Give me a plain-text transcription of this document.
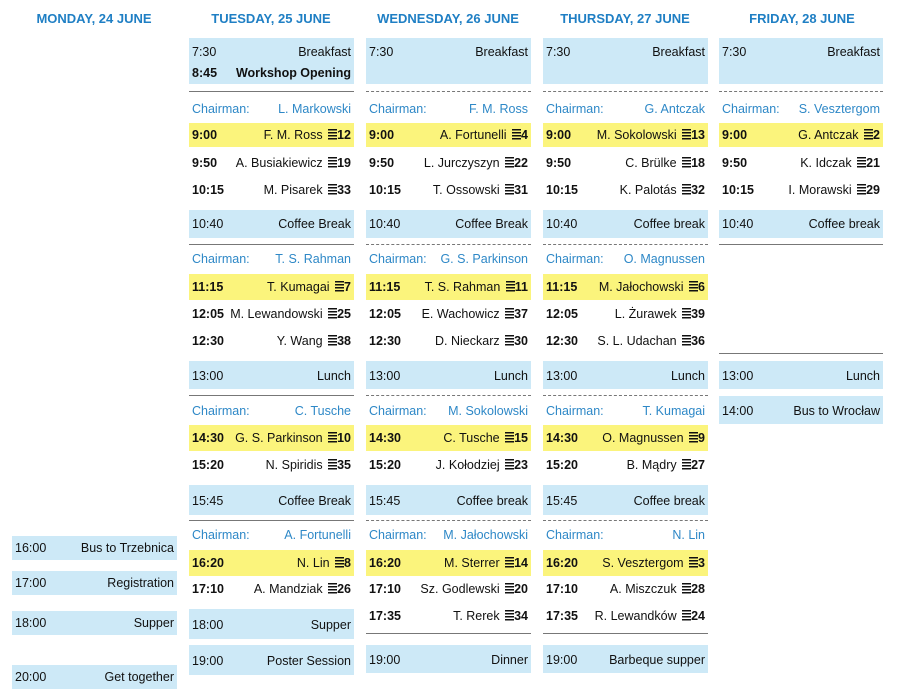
MONDAY, 24 JUNE	TUESDAY, 25 JUNE	WEDNESDAY, 26 JUNE	THURSDAY, 27 JUNE	FRIDAY, 28 JUNE
16:00	Bus to Trzebnica
17:00	Registration
18:00	Supper
20:00	Get together
7:30	Breakfast
8:45 Workshop Opening
Chairman: L. Markowski
9:00	F. M. Ross 12
9:50 A. Busiakiewicz 19
10:15	M. Pisarek 33
10:40	Coffee Break
Chairman: T. S. Rahman
11:15	T. Kumagai 7
12:05 M. Lewandowski 25
12:30	Y. Wang 38
13:00	Lunch
Chairman:	C. Tusche
14:30 G. S. Parkinson 10
15:20	N. Spiridis 35
15:45	Coffee Break
Chairman:	A. Fortunelli
16:20	N. Lin 8
17:10 A. Mandziak 26
18:00	Supper
19:00	Poster Session
7:30	Breakfast
Chairman:	F. M. Ross
9:00	A. Fortunelli 4
9:50 L. Jurczyszyn 22
10:15	T. Ossowski 31
10:40	Coffee Break
Chairman: G. S. Parkinson
11:15 T. S. Rahman 11
12:05 E. Wachowicz 37
12:30	D. Nieckarz 30
13:00	Lunch
Chairman: M. Sokolowski
14:30	C. Tusche 15
15:20	J. Kołodziej 23
15:45	Coffee break
Chairman: M. Jałochowski
16:20	M. Sterrer 14
17:10 Sz. Godlewski 20
17:35	T. Rerek 34
19:00	Dinner
7:30	Breakfast
Chairman:	G. Antczak
9:00 M. Sokolowski 13
9:50	C. Brülke 18
10:15	K. Palotás 32
10:40	Coffee break
Chairman: O. Magnussen
11:15 M. Jałochowski 6
12:05	L. Żurawek 39
12:30 S. L. Udachan 36
13:00	Lunch
Chairman:	T. Kumagai
14:30 O. Magnussen 9
15:20	B. Mądry 27
15:45	Coffee break
Chairman:	N. Lin
16:20 S. Vesztergom 3
17:10	A. Miszczuk 28
17:35 R. Lewandków 24
19:00	Barbeque supper
7:30	Breakfast
Chairman: S. Vesztergom
9:00	G. Antczak 2
9:50	K. Idczak 21
10:15	I. Morawski 29
10:40	Coffee break
13:00	Lunch
14:00	Bus to Wrocław
